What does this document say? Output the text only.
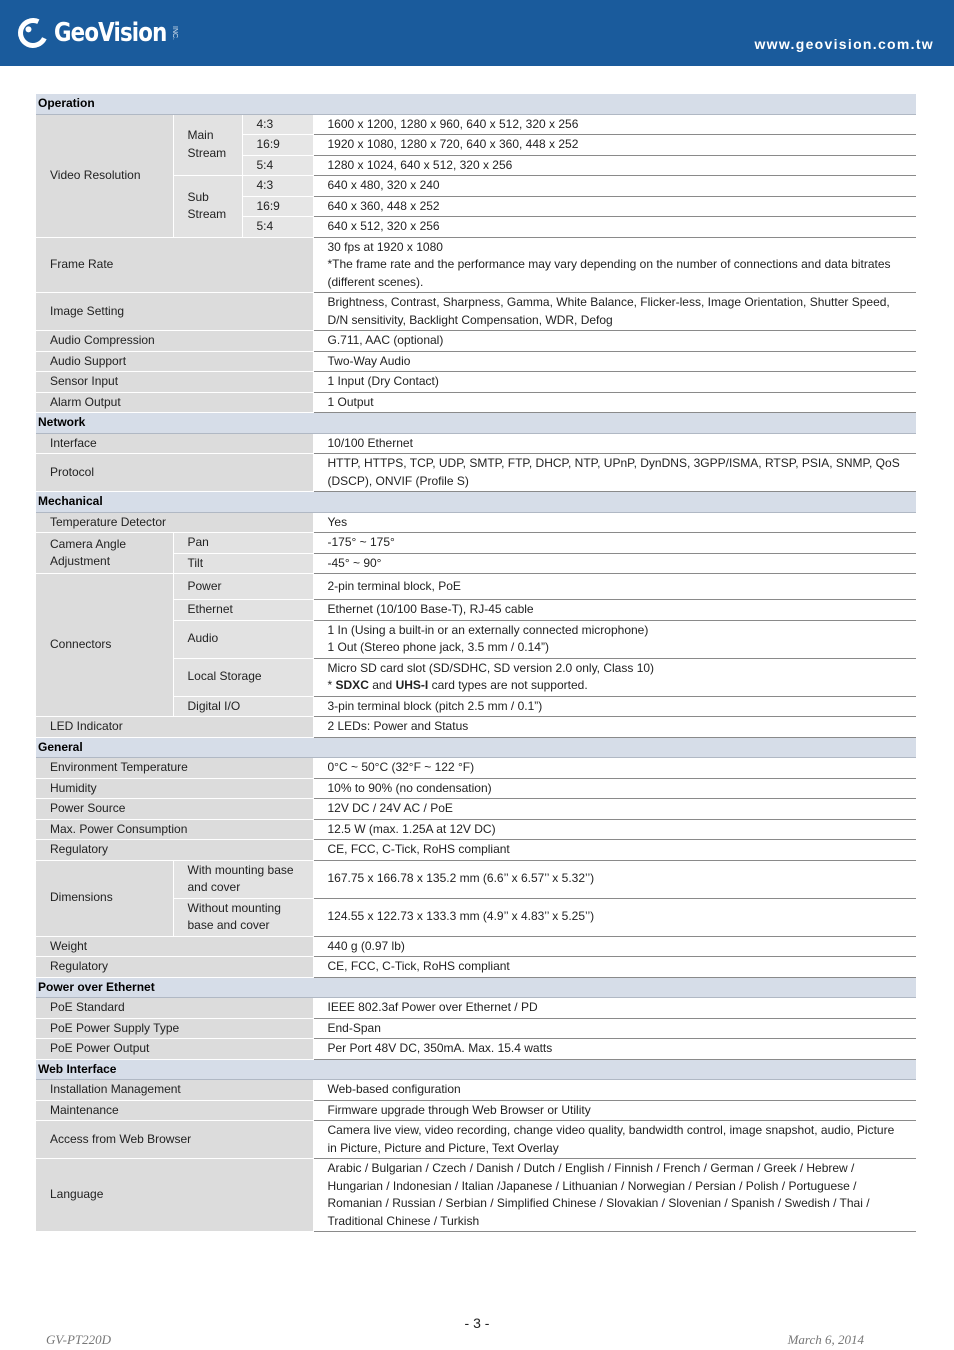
GeoVision INC.
www.geovision.com.tw
Operation			
Video Resolution	Main Stream	4:3	1600 x 1200, 1280 x 960, 640 x 512, 320 x 256
		16:9	1920 x 1080, 1280 x 720, 640 x 360, 448 x 252
		5:4	1280 x 1024, 640 x 512, 320 x 256
	Sub Stream	4:3	640 x 480, 320 x 240
		16:9	640 x 360, 448 x 252
		5:4	640 x 512, 320 x 256
Frame Rate			30 fps at 1920 x 1080
*The frame rate and the performance may vary depending on the number of connections and data bitrates (different scenes).

Image Setting			Brightness, Contrast, Sharpness, Gamma, White Balance, Flicker-less, Image Orientation, Shutter Speed, D/N sensitivity, Backlight Compensation, WDR, Defog
Audio Compression			G.711, AAC (optional)
Audio Support			Two-Way Audio
Sensor Input			1 Input (Dry Contact)
Alarm Output			1 Output
Network			
Interface			10/100 Ethernet
Protocol			HTTP, HTTPS, TCP, UDP, SMTP, FTP, DHCP, NTP, UPnP, DynDNS, 3GPP/ISMA, RTSP, PSIA, SNMP, QoS (DSCP), ONVIF (Profile S)
Mechanical			
Temperature Detector			Yes
Camera Angle Adjustment	Pan		-175° ~ 175°
	Tilt		-45° ~ 90°
Connectors	Power		2-pin terminal block, PoE
	Ethernet		Ethernet (10/100 Base-T), RJ-45 cable
	Audio		1 In (Using a built-in or an externally connected microphone)
1 Out (Stereo phone jack, 3.5 mm / 0.14”)

	Local Storage		Micro SD card slot (SD/SDHC, SD version 2.0 only, Class 10)
* SDXC and UHS-I card types are not supported.

	Digital I/O		3-pin terminal block (pitch 2.5 mm / 0.1”)
LED Indicator			2 LEDs: Power and Status
General			
Environment Temperature			0°C ~ 50°C (32°F ~ 122 °F)
Humidity			10% to 90% (no condensation)
Power Source			12V DC / 24V AC / PoE
Max. Power Consumption			12.5 W (max. 1.25A at 12V DC)
Regulatory			CE, FCC, C-Tick, RoHS compliant
Dimensions	With mounting base and cover		167.75 x 166.78 x 135.2 mm (6.6’’ x 6.57’’ x 5.32’’)
	Without mounting base and cover		124.55 x 122.73 x 133.3 mm (4.9’’ x 4.83’’ x 5.25’’)
Weight			440 g (0.97 lb)
Regulatory			CE, FCC, C-Tick, RoHS compliant
Power over Ethernet			
PoE Standard			IEEE 802.3af Power over Ethernet / PD
PoE Power Supply Type			End-Span
PoE Power Output			Per Port 48V DC, 350mA. Max. 15.4 watts
Web Interface			
Installation Management			Web-based configuration
Maintenance			Firmware upgrade through Web Browser or Utility
Access from Web Browser			Camera live view, video recording, change video quality, bandwidth control, image snapshot, audio, Picture in Picture, Picture and Picture, Text Overlay
Language			Arabic / Bulgarian / Czech / Danish / Dutch / English / Finnish / French / German / Greek / Hebrew / Hungarian / Indonesian / Italian /Japanese / Lithuanian / Norwegian / Persian / Polish / Portuguese / Romanian / Russian / Serbian / Simplified Chinese / Slovakian / Slovenian / Spanish / Swedish / Thai / Traditional Chinese / Turkish
- 3 -
GV-PT220D	March 6, 2014
